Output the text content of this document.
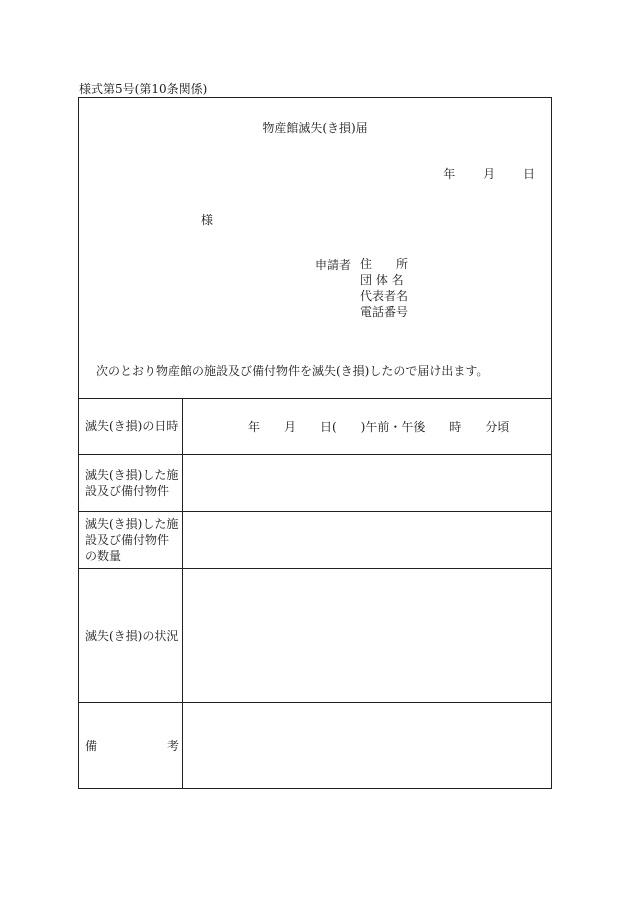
様式第5号(第10条関係)
物産館滅失(き損)届
年 月 日
様
申請者 住　　所
団 体 名
代表者名
電話番号
次のとおり物産館の施設及び備付物件を滅失(き損)したので届け出ます。
滅失(き損)の日時	年　　月　　日(　　)午前・午後　　時　　分頃
滅失(き損)した施設及び備付物件
滅失(き損)した施設及び備付物件の数量
滅失(き損)の状況
備	考
